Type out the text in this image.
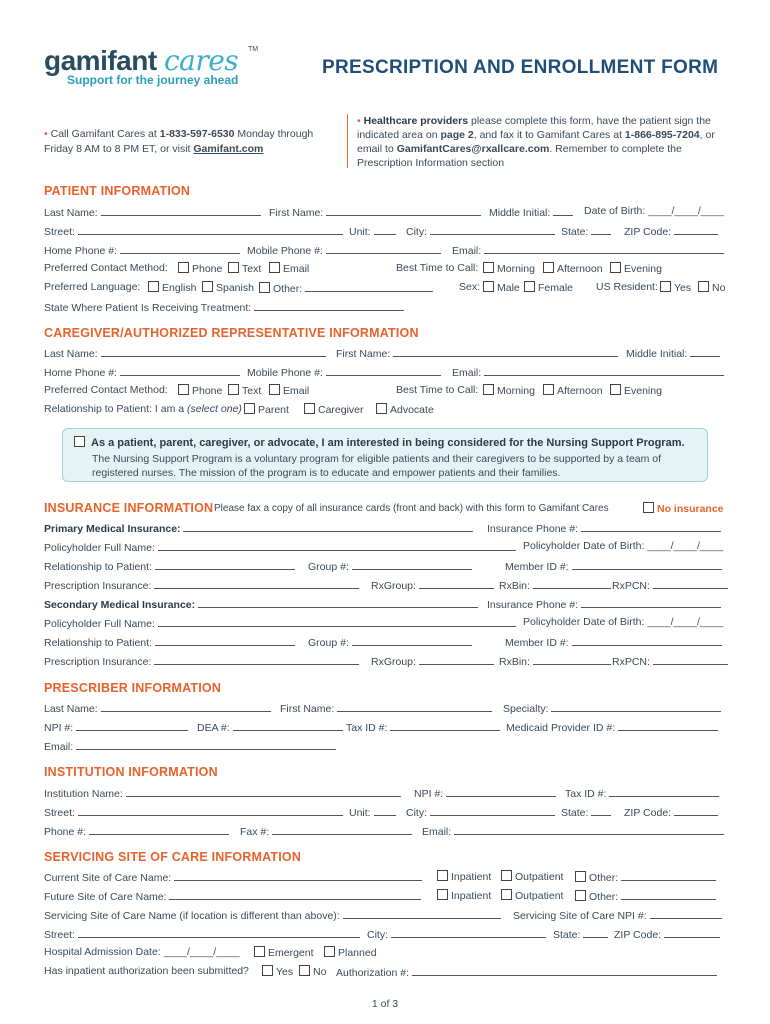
gamifant cares TM
Support for the journey ahead
PRESCRIPTION AND ENROLLMENT FORM
• Call Gamifant Cares at 1-833-597-6530 Monday through Friday 8 AM to 8 PM ET, or visit Gamifant.com
• Healthcare providers please complete this form, have the patient sign the indicated area on page 2, and fax it to Gamifant Cares at 1-866-895-7204, or email to GamifantCares@rxallcare.com. Remember to complete the Prescription Information section
PATIENT INFORMATION
Last Name:	First Name:	Middle Initial:	Date of Birth: ____/____/____
Street:	Unit:	City:	State:	ZIP Code:
Home Phone #:	Mobile Phone #:	Email:
Preferred Contact Method:	Phone	Text	Email	Best Time to Call:	Morning	Afternoon	Evening
Preferred Language:	English	Spanish	Other:	Sex:	Male	Female US Resident:	Yes	No
State Where Patient Is Receiving Treatment:
CAREGIVER/AUTHORIZED REPRESENTATIVE INFORMATION
Last Name:	First Name:	Middle Initial:
Home Phone #:	Mobile Phone #:	Email:
Preferred Contact Method:	Phone	Text	Email	Best Time to Call:	Morning	Afternoon	Evening
Relationship to Patient: I am a (select one)	Parent	Caregiver	Advocate
As a patient, parent, caregiver, or advocate, I am interested in being considered for the Nursing Support Program.
The Nursing Support Program is a voluntary program for eligible patients and their caregivers to be supported by a team of registered nurses. The mission of the program is to educate and empower patients and their families.
INSURANCE INFORMATION Please fax a copy of all insurance cards (front and back) with this form to Gamifant Cares	No insurance
Primary Medical Insurance:	Insurance Phone #:
Policyholder Full Name:	Policyholder Date of Birth: ____/____/____
Relationship to Patient:	Group #:	Member ID #:
Prescription Insurance:	RxGroup:	RxBin:	RxPCN:
Secondary Medical Insurance:	Insurance Phone #:
Policyholder Full Name:	Policyholder Date of Birth: ____/____/____
Relationship to Patient:	Group #:	Member ID #:
Prescription Insurance:	RxGroup:	RxBin:	RxPCN:
PRESCRIBER INFORMATION
Last Name:	First Name:	Specialty:
NPI #:	DEA #:	Tax ID #:	Medicaid Provider ID #:
Email:
INSTITUTION INFORMATION
Institution Name:	NPI #:	Tax ID #:
Street:	Unit:	City:	State:	ZIP Code:
Phone #:	Fax #:	Email:
SERVICING SITE OF CARE INFORMATION
Current Site of Care Name:	Inpatient	Outpatient	Other:
Future Site of Care Name:	Inpatient	Outpatient	Other:
Servicing Site of Care Name (if location is different than above):	Servicing Site of Care NPI #:
Street:	City:	State:	ZIP Code:
Hospital Admission Date: ____/____/____	Emergent	Planned
Has inpatient authorization been submitted?	Yes	No Authorization #:
1 of 3
